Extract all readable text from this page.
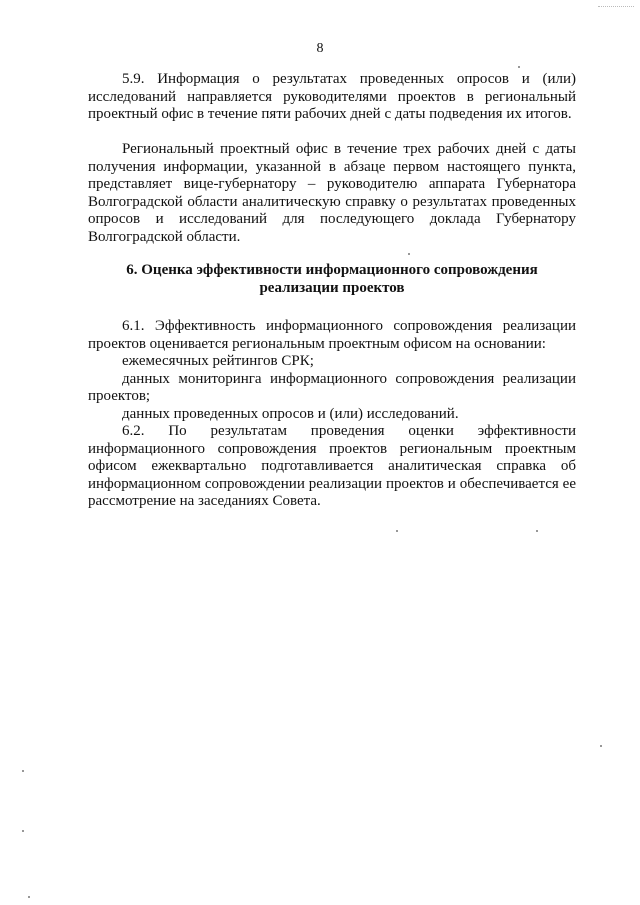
8

5.9. Информация о результатах проведенных опросов и (или) исследований направляется руководителями проектов в региональный проектный офис в течение пяти рабочих дней с даты подведения их итогов.

Региональный проектный офис в течение трех рабочих дней с даты получения информации, указанной в абзаце первом настоящего пункта, представляет вице-губернатору – руководителю аппарата Губернатора Волгоградской области аналитическую справку о результатах проведенных опросов и исследований для последующего доклада Губернатору Волгоградской области.

6. Оценка эффективности информационного сопровождения
реализации проектов

6.1. Эффективность информационного сопровождения реализации проектов оценивается региональным проектным офисом на основании:

ежемесячных рейтингов СРК;

данных мониторинга информационного сопровождения реализации проектов;

данных проведенных опросов и (или) исследований.

6.2. По результатам проведения оценки эффективности информационного сопровождения проектов региональным проектным офисом ежеквартально подготавливается аналитическая справка об информационном сопровождении реализации проектов и обеспечивается ее рассмотрение на заседаниях Совета.
